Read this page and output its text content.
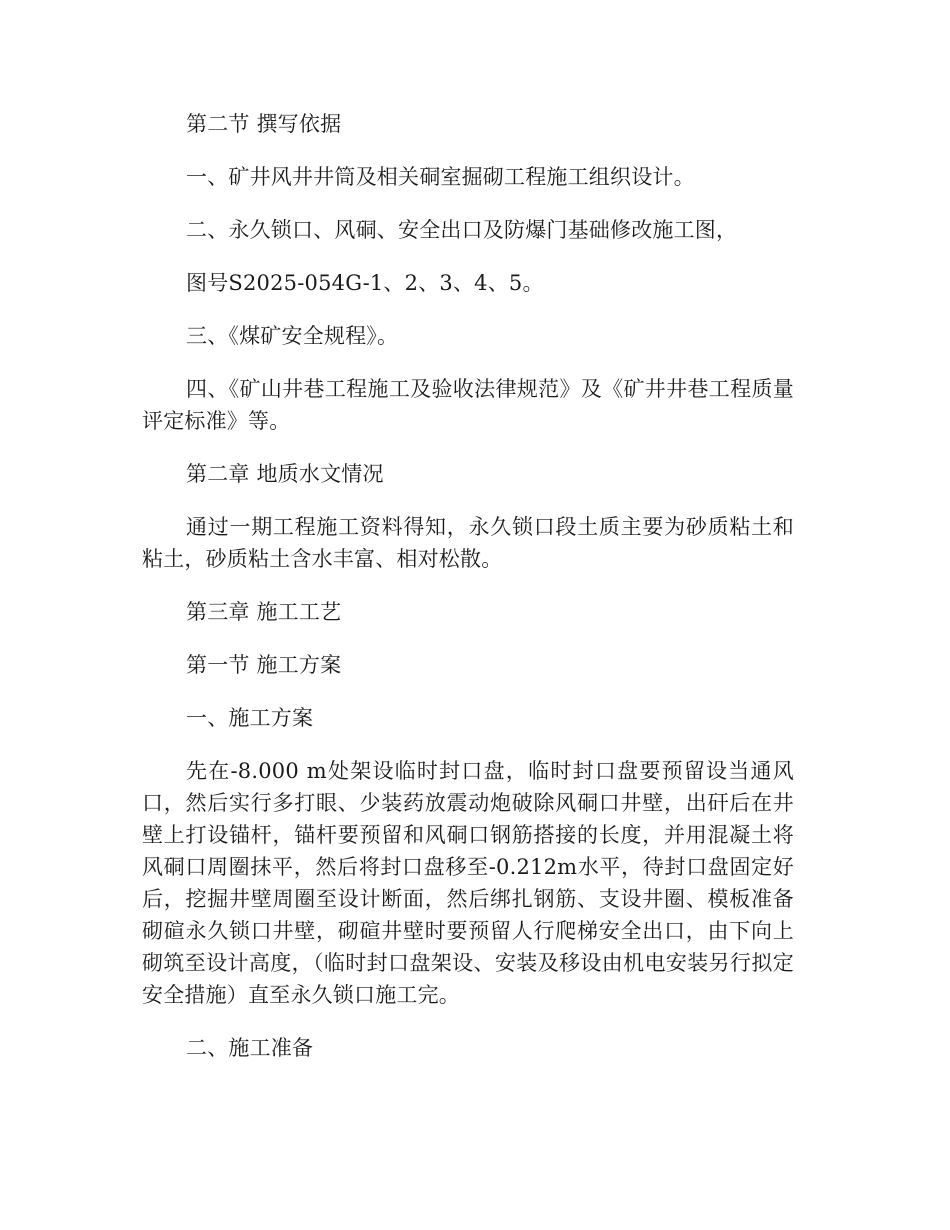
第二节 撰写依据

一、矿井风井井筒及相关硐室掘砌工程施工组织设计。

二、永久锁口、风硐、安全出口及防爆门基础修改施工图，

图号S2025-054G-1、2、3、4、5。

三、《煤矿安全规程》。

四、《矿山井巷工程施工及验收法律规范》及《矿井井巷工程质量评定标准》等。

第二章 地质水文情况

通过一期工程施工资料得知，永久锁口段土质主要为砂质粘土和粘土，砂质粘土含水丰富、相对松散。

第三章 施工工艺

第一节 施工方案

一、施工方案

先在-8.000 m处架设临时封口盘，临时封口盘要预留设当通风口，然后实行多打眼、少装药放震动炮破除风硐口井壁，出矸后在井壁上打设锚杆，锚杆要预留和风硐口钢筋搭接的长度，并用混凝土将风硐口周圈抹平，然后将封口盘移至-0.212m水平，待封口盘固定好后，挖掘井壁周圈至设计断面，然后绑扎钢筋、支设井圈、模板准备砌碹永久锁口井壁，砌碹井壁时要预留人行爬梯安全出口，由下向上砌筑至设计高度，（临时封口盘架设、安装及移设由机电安装另行拟定安全措施）直至永久锁口施工完。

二、施工准备
